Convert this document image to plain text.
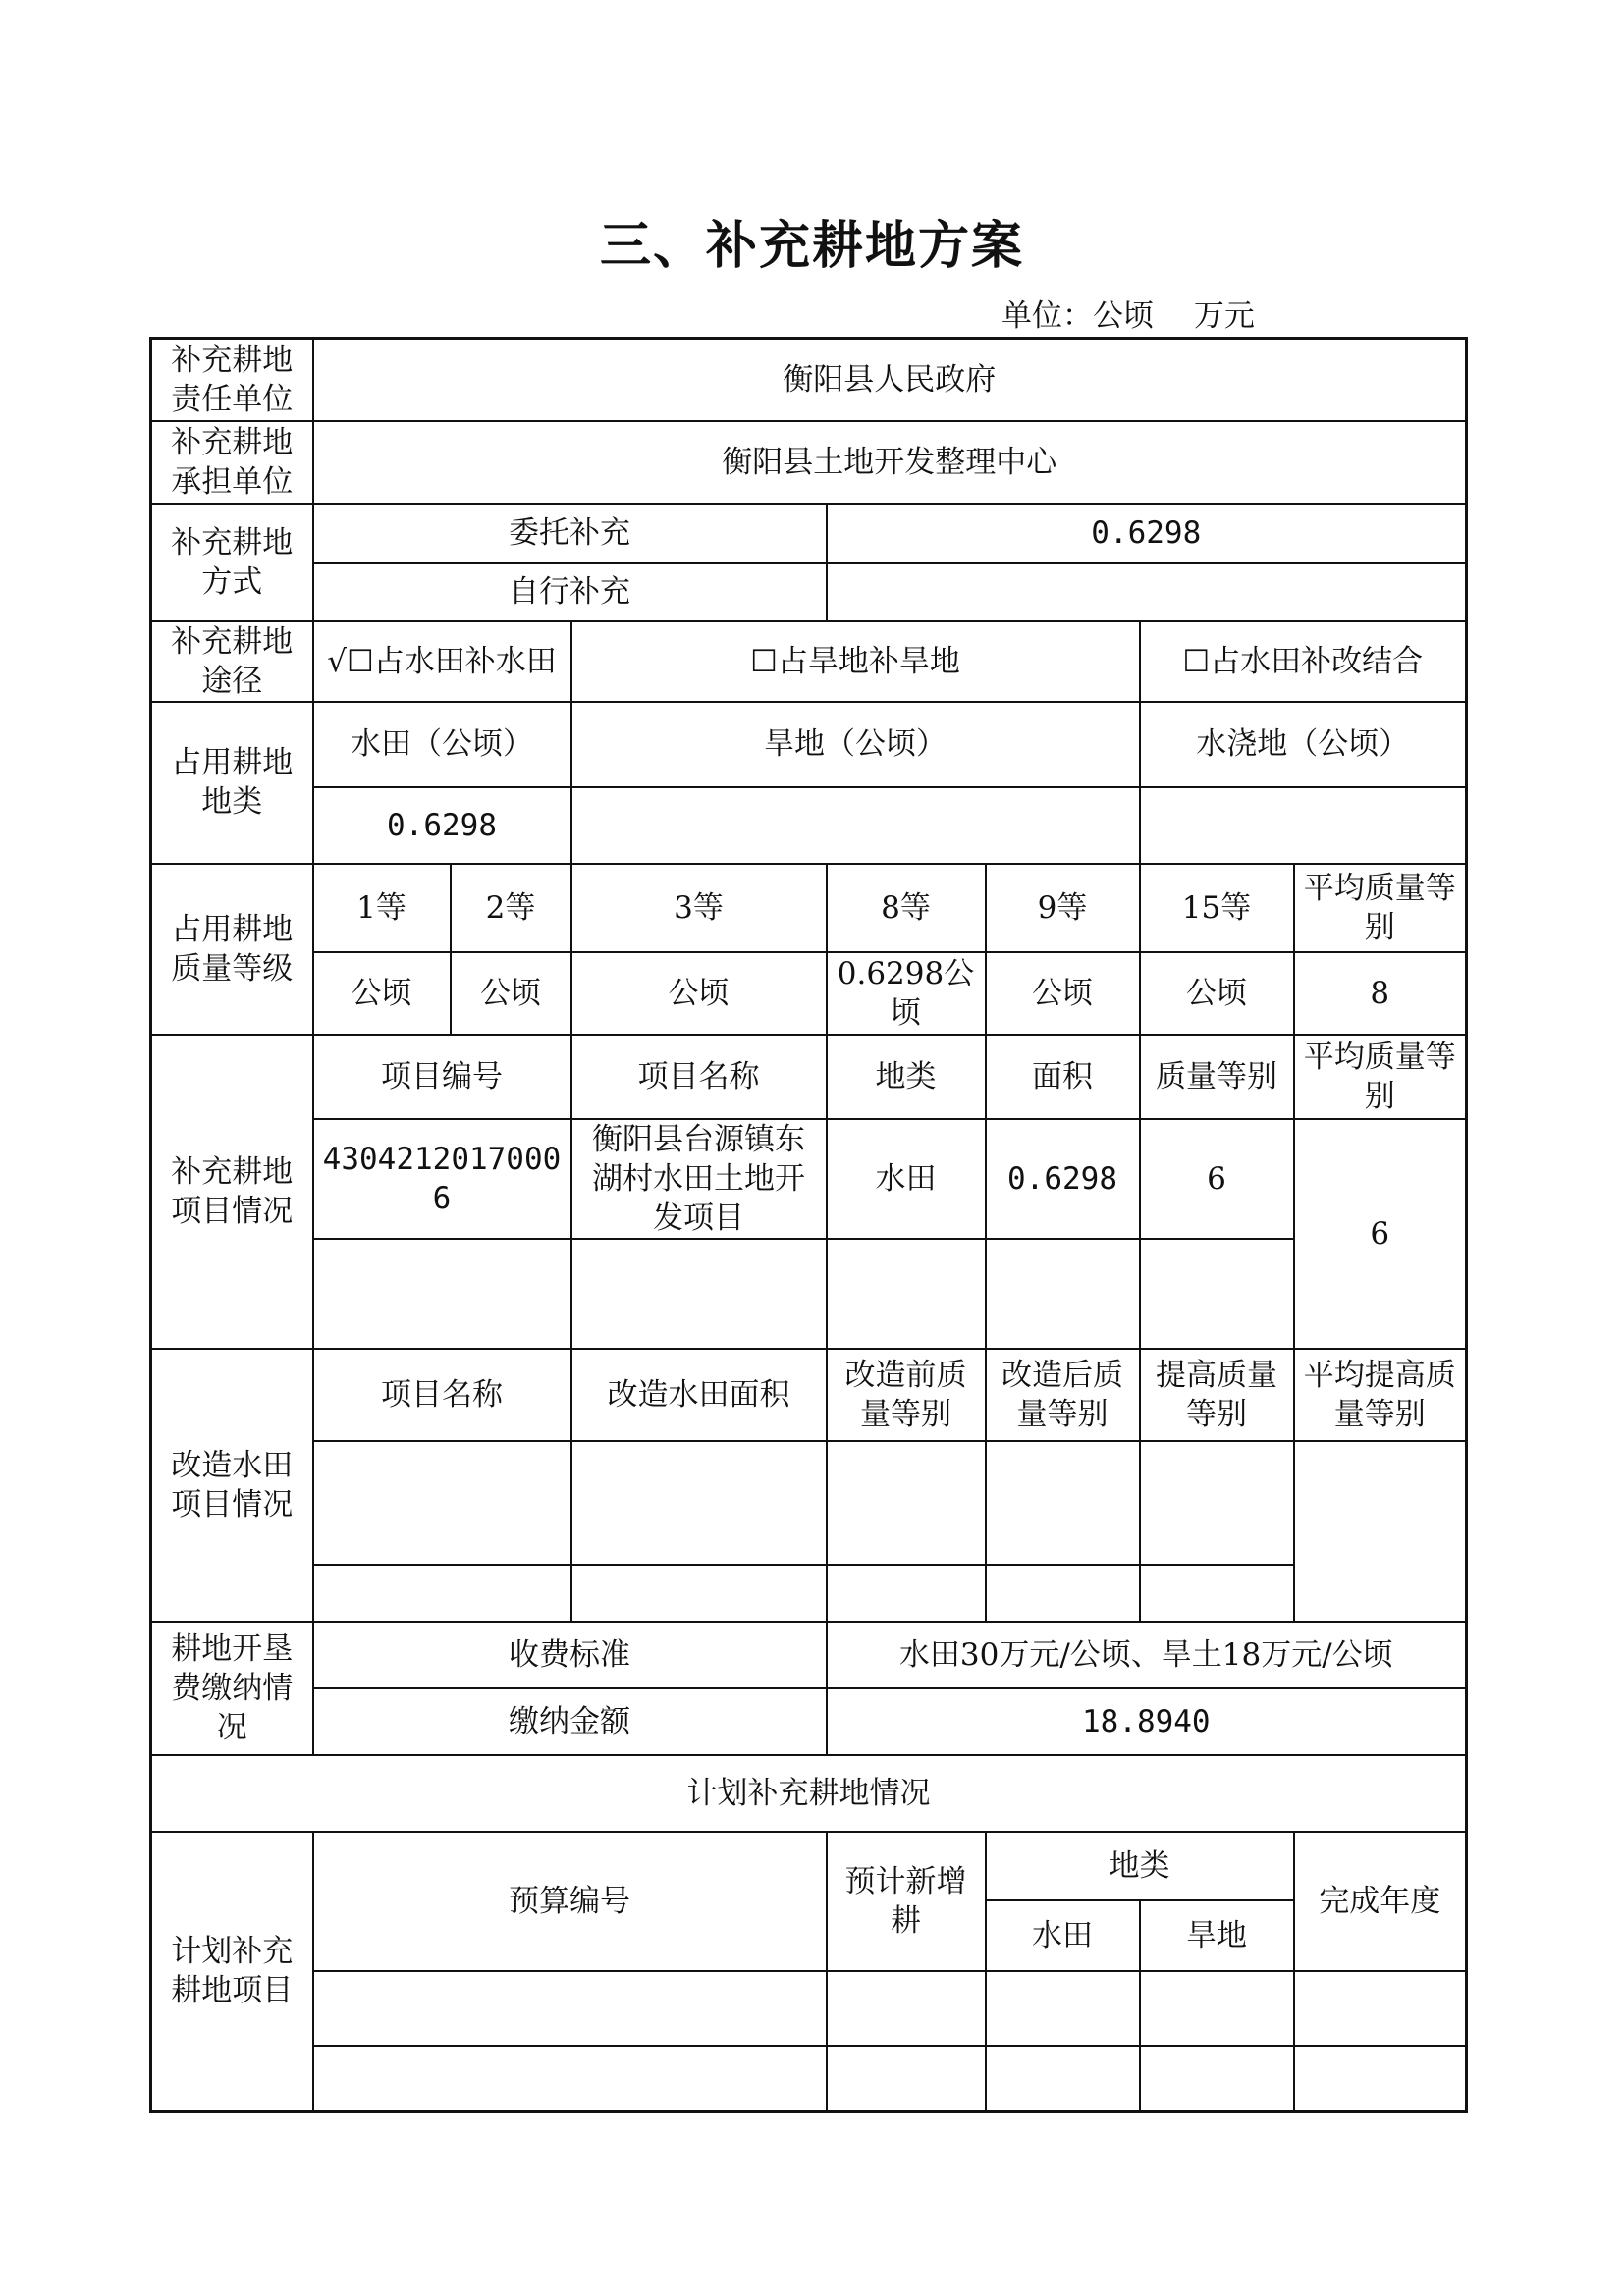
三、补充耕地方案
单位：公顷　 万元
补充耕地责任单位	衡阳县人民政府						
补充耕地承担单位	衡阳县土地开发整理中心						
补充耕地方式	委托补充			0.6298			
	自行补充						
补充耕地途径	√☐占水田补水田		☐占旱地补旱地			☐占水田补改结合	
占用耕地地类	水田（公顷）		旱地（公顷）			水浇地（公顷）	
	0.6298						
占用耕地质量等级	1等	2等	3等	8等	9等	15等	平均质量等别
	公顷	公顷	公顷	0.6298公顷	公顷	公顷	8
补充耕地项目情况	项目编号		项目名称	地类	面积	质量等别	平均质量等别
	43042120170006		衡阳县台源镇东湖村水田土地开发项目	水田	0.6298	6	6

改造水田项目情况	项目名称		改造水田面积	改造前质量等别	改造后质量等别	提高质量等别	平均提高质量等别

耕地开垦费缴纳情况	收费标准			水田30万元/公顷、旱土18万元/公顷			
	缴纳金额			18.8940			
计划补充耕地情况							
计划补充耕地项目	预算编号			预计新增耕	地类		完成年度
					水田	旱地	
